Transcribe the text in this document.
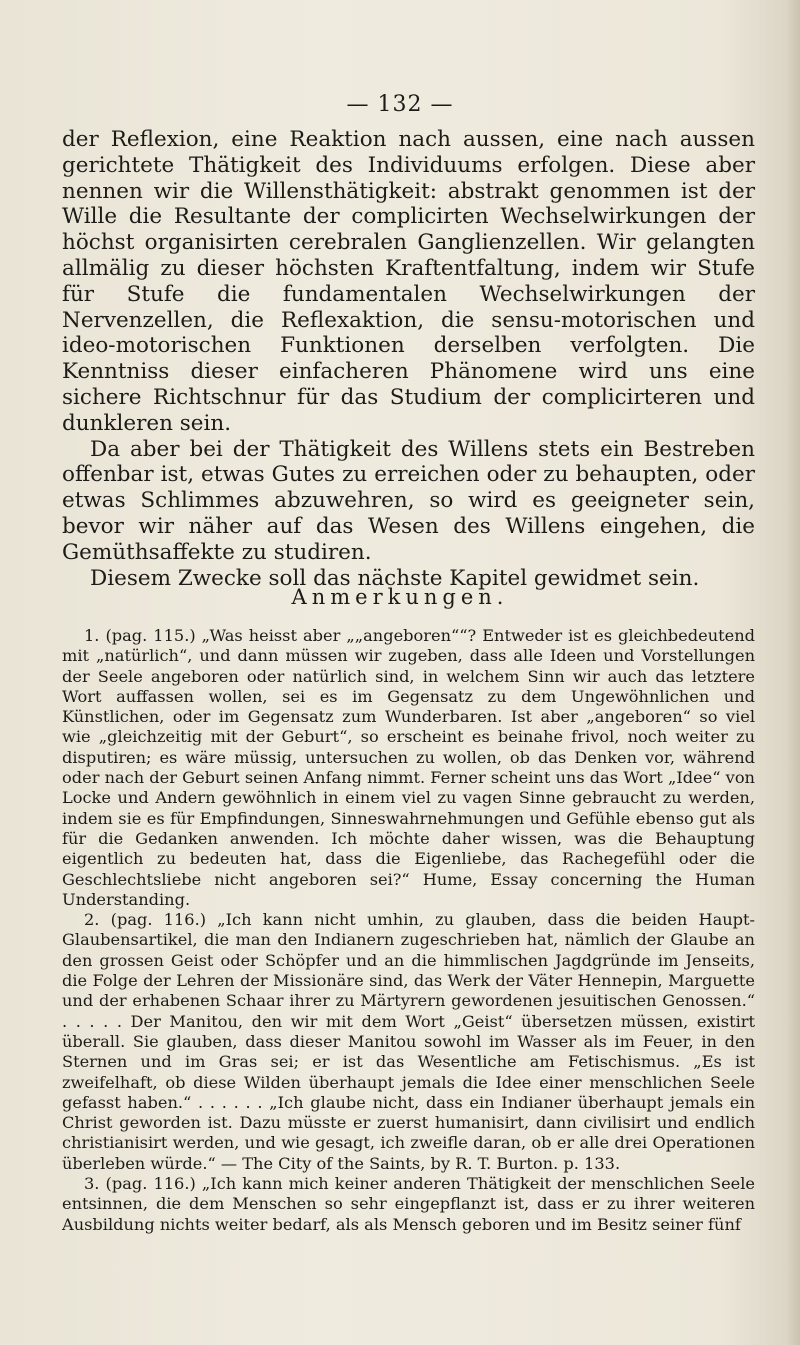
— 132 —

der Reflexion, eine Reaktion nach aussen, eine nach aussen gerichtete Thätigkeit des Individuums erfolgen. Diese aber nennen wir die Willensthätigkeit: abstrakt genommen ist der Wille die Resultante der complicirten Wechselwirkungen der höchst organisirten cerebralen Ganglienzellen. Wir gelangten allmälig zu dieser höchsten Kraftentfaltung, indem wir Stufe für Stufe die fundamentalen Wechselwirkungen der Nervenzellen, die Reflexaktion, die sensu-motorischen und ideo-motorischen Funktionen derselben verfolgten. Die Kenntniss dieser einfacheren Phänomene wird uns eine sichere Richtschnur für das Studium der complicirteren und dunkleren sein.

Da aber bei der Thätigkeit des Willens stets ein Bestreben offenbar ist, etwas Gutes zu erreichen oder zu behaupten, oder etwas Schlimmes abzuwehren, so wird es geeigneter sein, bevor wir näher auf das Wesen des Willens eingehen, die Gemüthsaffekte zu studiren.

Diesem Zwecke soll das nächste Kapitel gewidmet sein.

Anmerkungen.

1. (pag. 115.) „Was heisst aber „„angeboren““? Entweder ist es gleichbedeutend mit „natürlich“, und dann müssen wir zugeben, dass alle Ideen und Vorstellungen der Seele angeboren oder natürlich sind, in welchem Sinn wir auch das letztere Wort auffassen wollen, sei es im Gegensatz zu dem Ungewöhnlichen und Künstlichen, oder im Gegensatz zum Wunderbaren. Ist aber „angeboren“ so viel wie „gleichzeitig mit der Geburt“, so erscheint es beinahe frivol, noch weiter zu disputiren; es wäre müssig, untersuchen zu wollen, ob das Denken vor, während oder nach der Geburt seinen Anfang nimmt. Ferner scheint uns das Wort „Idee“ von Locke und Andern gewöhnlich in einem viel zu vagen Sinne gebraucht zu werden, indem sie es für Empfindungen, Sinneswahrnehmungen und Gefühle ebenso gut als für die Gedanken anwenden. Ich möchte daher wissen, was die Behauptung eigentlich zu bedeuten hat, dass die Eigenliebe, das Rachegefühl oder die Geschlechtsliebe nicht angeboren sei?“ Hume, Essay concerning the Human Understanding.

2. (pag. 116.) „Ich kann nicht umhin, zu glauben, dass die beiden Haupt-Glaubensartikel, die man den Indianern zugeschrieben hat, nämlich der Glaube an den grossen Geist oder Schöpfer und an die himmlischen Jagdgründe im Jenseits, die Folge der Lehren der Missionäre sind, das Werk der Väter Hennepin, Marguette und der erhabenen Schaar ihrer zu Märtyrern gewordenen jesuitischen Genossen.“ . . . . . Der Manitou, den wir mit dem Wort „Geist“ übersetzen müssen, existirt überall. Sie glauben, dass dieser Manitou sowohl im Wasser als im Feuer, in den Sternen und im Gras sei; er ist das Wesentliche am Fetischismus. „Es ist zweifelhaft, ob diese Wilden überhaupt jemals die Idee einer menschlichen Seele gefasst haben.“ . . . . . . „Ich glaube nicht, dass ein Indianer überhaupt jemals ein Christ geworden ist. Dazu müsste er zuerst humanisirt, dann civilisirt und endlich christianisirt werden, und wie gesagt, ich zweifle daran, ob er alle drei Operationen überleben würde.“ — The City of the Saints, by R. T. Burton. p. 133.

3. (pag. 116.) „Ich kann mich keiner anderen Thätigkeit der menschlichen Seele entsinnen, die dem Menschen so sehr eingepflanzt ist, dass er zu ihrer weiteren Ausbildung nichts weiter bedarf, als als Mensch geboren und im Besitz seiner fünf
